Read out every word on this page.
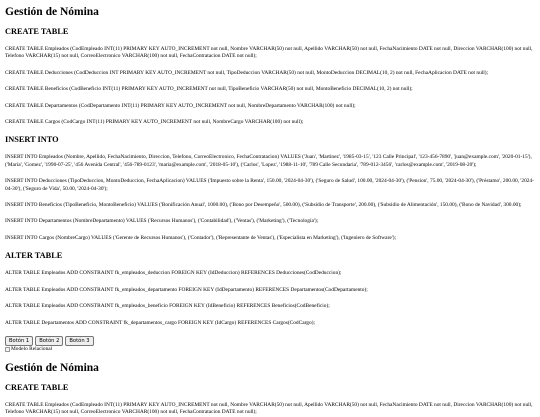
Gestión de Nómina
CREATE TABLE

CREATE TABLE Empleados (CodEmpleado INT(11) PRIMARY KEY AUTO_INCREMENT not null, Nombre VARCHAR(50) not null, Apellido VARCHAR(50) not null, FechaNacimiento DATE not null, Direccion VARCHAR(100) not null, Telefono VARCHAR(15) not null, CorreoElectronico VARCHAR(100) not null, FechaContratacion DATE not null);

CREATE TABLE Deducciones (CodDeduccion INT PRIMARY KEY AUTO_INCREMENT not null, TipoDeduccion VARCHAR(50) not null, MontoDeduccion DECIMAL(10, 2) not null, FechaAplicacion DATE not null);

CREATE TABLE Beneficios (CodBeneficio INT(11) PRIMARY KEY AUTO_INCREMENT not null, TipoBeneficio VARCHAR(50) not null, MontoBeneficio DECIMAL(10, 2) not null);

CREATE TABLE Departamentos (CodDepartamento INT(11) PRIMARY KEY AUTO_INCREMENT not null, NombreDepartamento VARCHAR(100) not null);

CREATE TABLE Cargos (CodCargo INT(11) PRIMARY KEY AUTO_INCREMENT not null, NombreCargo VARCHAR(100) not null);

INSERT INTO

INSERT INTO Empleados (Nombre, Apellido, FechaNacimiento, Direccion, Telefono, CorreoElectronico, FechaContratacion) VALUES ('Juan', 'Martinez', '1985-03-15', '123 Calle Principal', '123-456-7890', 'juan@example.com', '2020-01-15'), ('Maria', 'Gomez', '1990-07-25', '456 Avenida Central', '456-789-0123', 'maria@example.com', '2018-05-10'), ('Carlos', 'Lopez', '1988-11-10', '789 Calle Secundaria', '789-012-3456', 'carlos@example.com', '2019-08-20');

INSERT INTO Deducciones (TipoDeduccion, MontoDeduccion, FechaAplicacion) VALUES ('Impuesto sobre la Renta', 150.00, '2024-04-30'), ('Seguro de Salud', 100.00, '2024-04-30'), ('Pension', 75.00, '2024-04-30'), ('Préstamo', 200.00, '2024-04-30'), ('Seguro de Vida', 50.00, '2024-04-30');

INSERT INTO Beneficios (TipoBeneficio, MontoBeneficio) VALUES ('Bonificación Anual', 1000.00), ('Bono por Desempeño', 500.00), ('Subsidio de Transporte', 200.00), ('Subsidio de Alimentación', 150.00), ('Bono de Navidad', 300.00);

INSERT INTO Departamentos (NombreDepartamento) VALUES ('Recursos Humanos'), ('Contabilidad'), ('Ventas'), ('Marketing'), ('Tecnología');

INSERT INTO Cargos (NombreCargo) VALUES ('Gerente de Recursos Humanos'), ('Contador'), ('Representante de Ventas'), ('Especialista en Marketing'), ('Ingeniero de Software');

ALTER TABLE

ALTER TABLE Empleados ADD CONSTRAINT fk_empleados_deduccion FOREIGN KEY (IdDeduccion) REFERENCES Deducciones(CodDeduccion);

ALTER TABLE Empleados ADD CONSTRAINT fk_empleados_departamento FOREIGN KEY (IdDepartamento) REFERENCES Departamentos(CodDepartamento);

ALTER TABLE Empleados ADD CONSTRAINT fk_empleados_beneficio FOREIGN KEY (IdBeneficio) REFERENCES Beneficios(CodBeneficio);

ALTER TABLE Departamentos ADD CONSTRAINT fk_departamentos_cargo FOREIGN KEY (IdCargo) REFERENCES Cargos(CodCargo);

Botón 1	Botón 2	Botón 3
Modelo Relacional
Gestión de Nómina
CREATE TABLE

CREATE TABLE Empleados (CodEmpleado INT(11) PRIMARY KEY AUTO_INCREMENT not null, Nombre VARCHAR(50) not null, Apellido VARCHAR(50) not null, FechaNacimiento DATE not null, Direccion VARCHAR(100) not null, Telefono VARCHAR(15) not null, CorreoElectronico VARCHAR(100) not null, FechaContratacion DATE not null);
